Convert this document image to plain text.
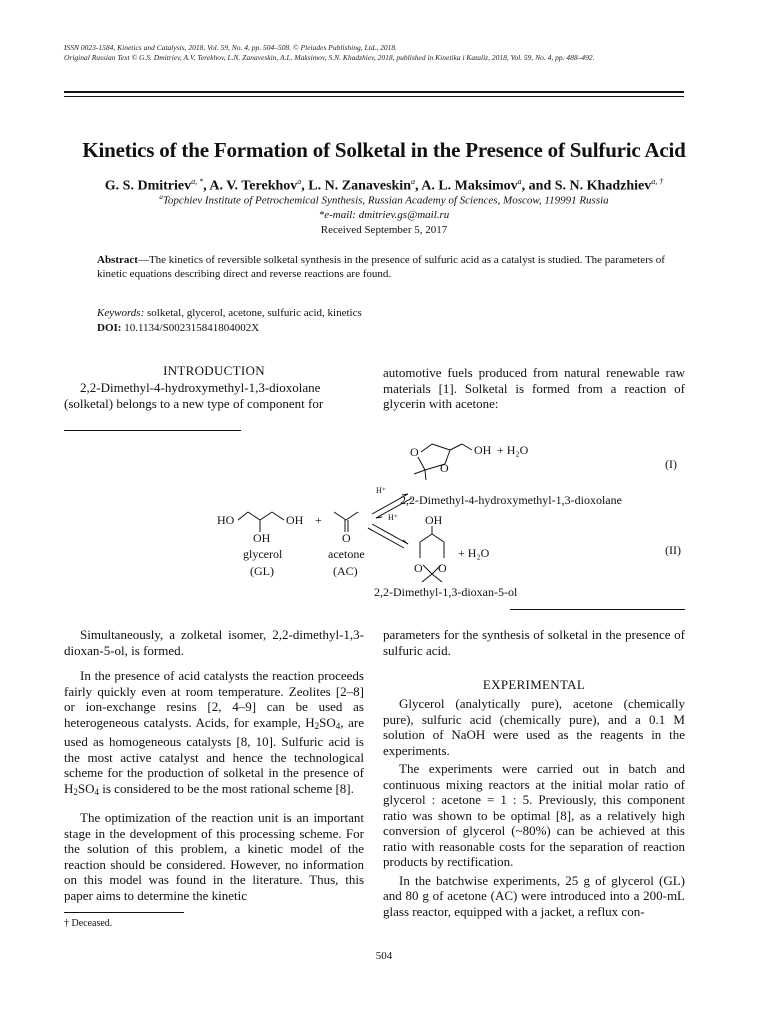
ISSN 0023-1584, Kinetics and Catalysis, 2018, Vol. 59, No. 4, pp. 504–508. © Pleiades Publishing, Ltd., 2018.
Original Russian Text © G.S. Dmitriev, A.V. Terekhov, L.N. Zanaveskin, A.L. Maksimov, S.N. Khadzhiev, 2018, published in Kinetika i Kataliz, 2018, Vol. 59, No. 4, pp. 488–492.
Kinetics of the Formation of Solketal in the Presence of Sulfuric Acid
G. S. Dmitriev$^{a, *}$, A. V. Terekhov$^a$, L. N. Zanaveskin$^a$, A. L. Maksimov$^a$, and S. N. Khadzhiev$^{a, \dagger}$
$^a$Topchiev Institute of Petrochemical Synthesis, Russian Academy of Sciences, Moscow, 119991 Russia
*e-mail: dmitriev.gs@mail.ru
Received September 5, 2017
Abstract—The kinetics of reversible solketal synthesis in the presence of sulfuric acid as a catalyst is studied. The parameters of kinetic equations describing direct and reverse reactions are found.
Keywords: solketal, glycerol, acetone, sulfuric acid, kinetics
DOI: 10.1134/S002315841804002X
INTRODUCTION

2,2-Dimethyl-4-hydroxymethyl-1,3-dioxolane (solketal) belongs to a new type of component for

automotive fuels produced from natural renewable raw materials [1]. Solketal is formed from a reaction of glycerin with acetone:

HO	OH +
OH	O
glycerol
(GL)
acetone
(AC)
O
O
OH + H₂O
2,2-Dimethyl-4-hydroxymethyl-1,3-dioxolane
OH
+ H₂O
O O
2,2-Dimethyl-1,3-dioxan-5-ol
(I)
(II)
H⁺
H⁺

Simultaneously, a zolketal isomer, 2,2-dimethyl-1,3-dioxan-5-ol, is formed.

In the presence of acid catalysts the reaction proceeds fairly quickly even at room temperature. Zeolites [2–8] or ion-exchange resins [2, 4–9] can be used as heterogeneous catalysts. Acids, for example, $H_2SO_4$, are used as homogeneous catalysts [8, 10]. Sulfuric acid is the most active catalyst and hence the technological scheme for the production of solketal in the presence of $H_2SO_4$ is considered to be the most rational scheme [8].

The optimization of the reaction unit is an important stage in the development of this processing scheme. For the solution of this problem, a kinetic model of the reaction should be considered. However, no information on this model was found in the literature. Thus, this paper aims to determine the kinetic

parameters for the synthesis of solketal in the presence of sulfuric acid.

EXPERIMENTAL

Glycerol (analytically pure), acetone (chemically pure), sulfuric acid (chemically pure), and a 0.1 M solution of NaOH were used as the reagents in the experiments.

The experiments were carried out in batch and continuous mixing reactors at the initial molar ratio of glycerol : acetone = 1 : 5. Previously, this component ratio was shown to be optimal [8], as a relatively high conversion of glycerol (~80%) can be achieved at this ratio with reasonable costs for the separation of reaction products by rectification.

In the batchwise experiments, 25 g of glycerol (GL) and 80 g of acetone (AC) were introduced into a 200-mL glass reactor, equipped with a jacket, a reflux con-

† Deceased.
504
